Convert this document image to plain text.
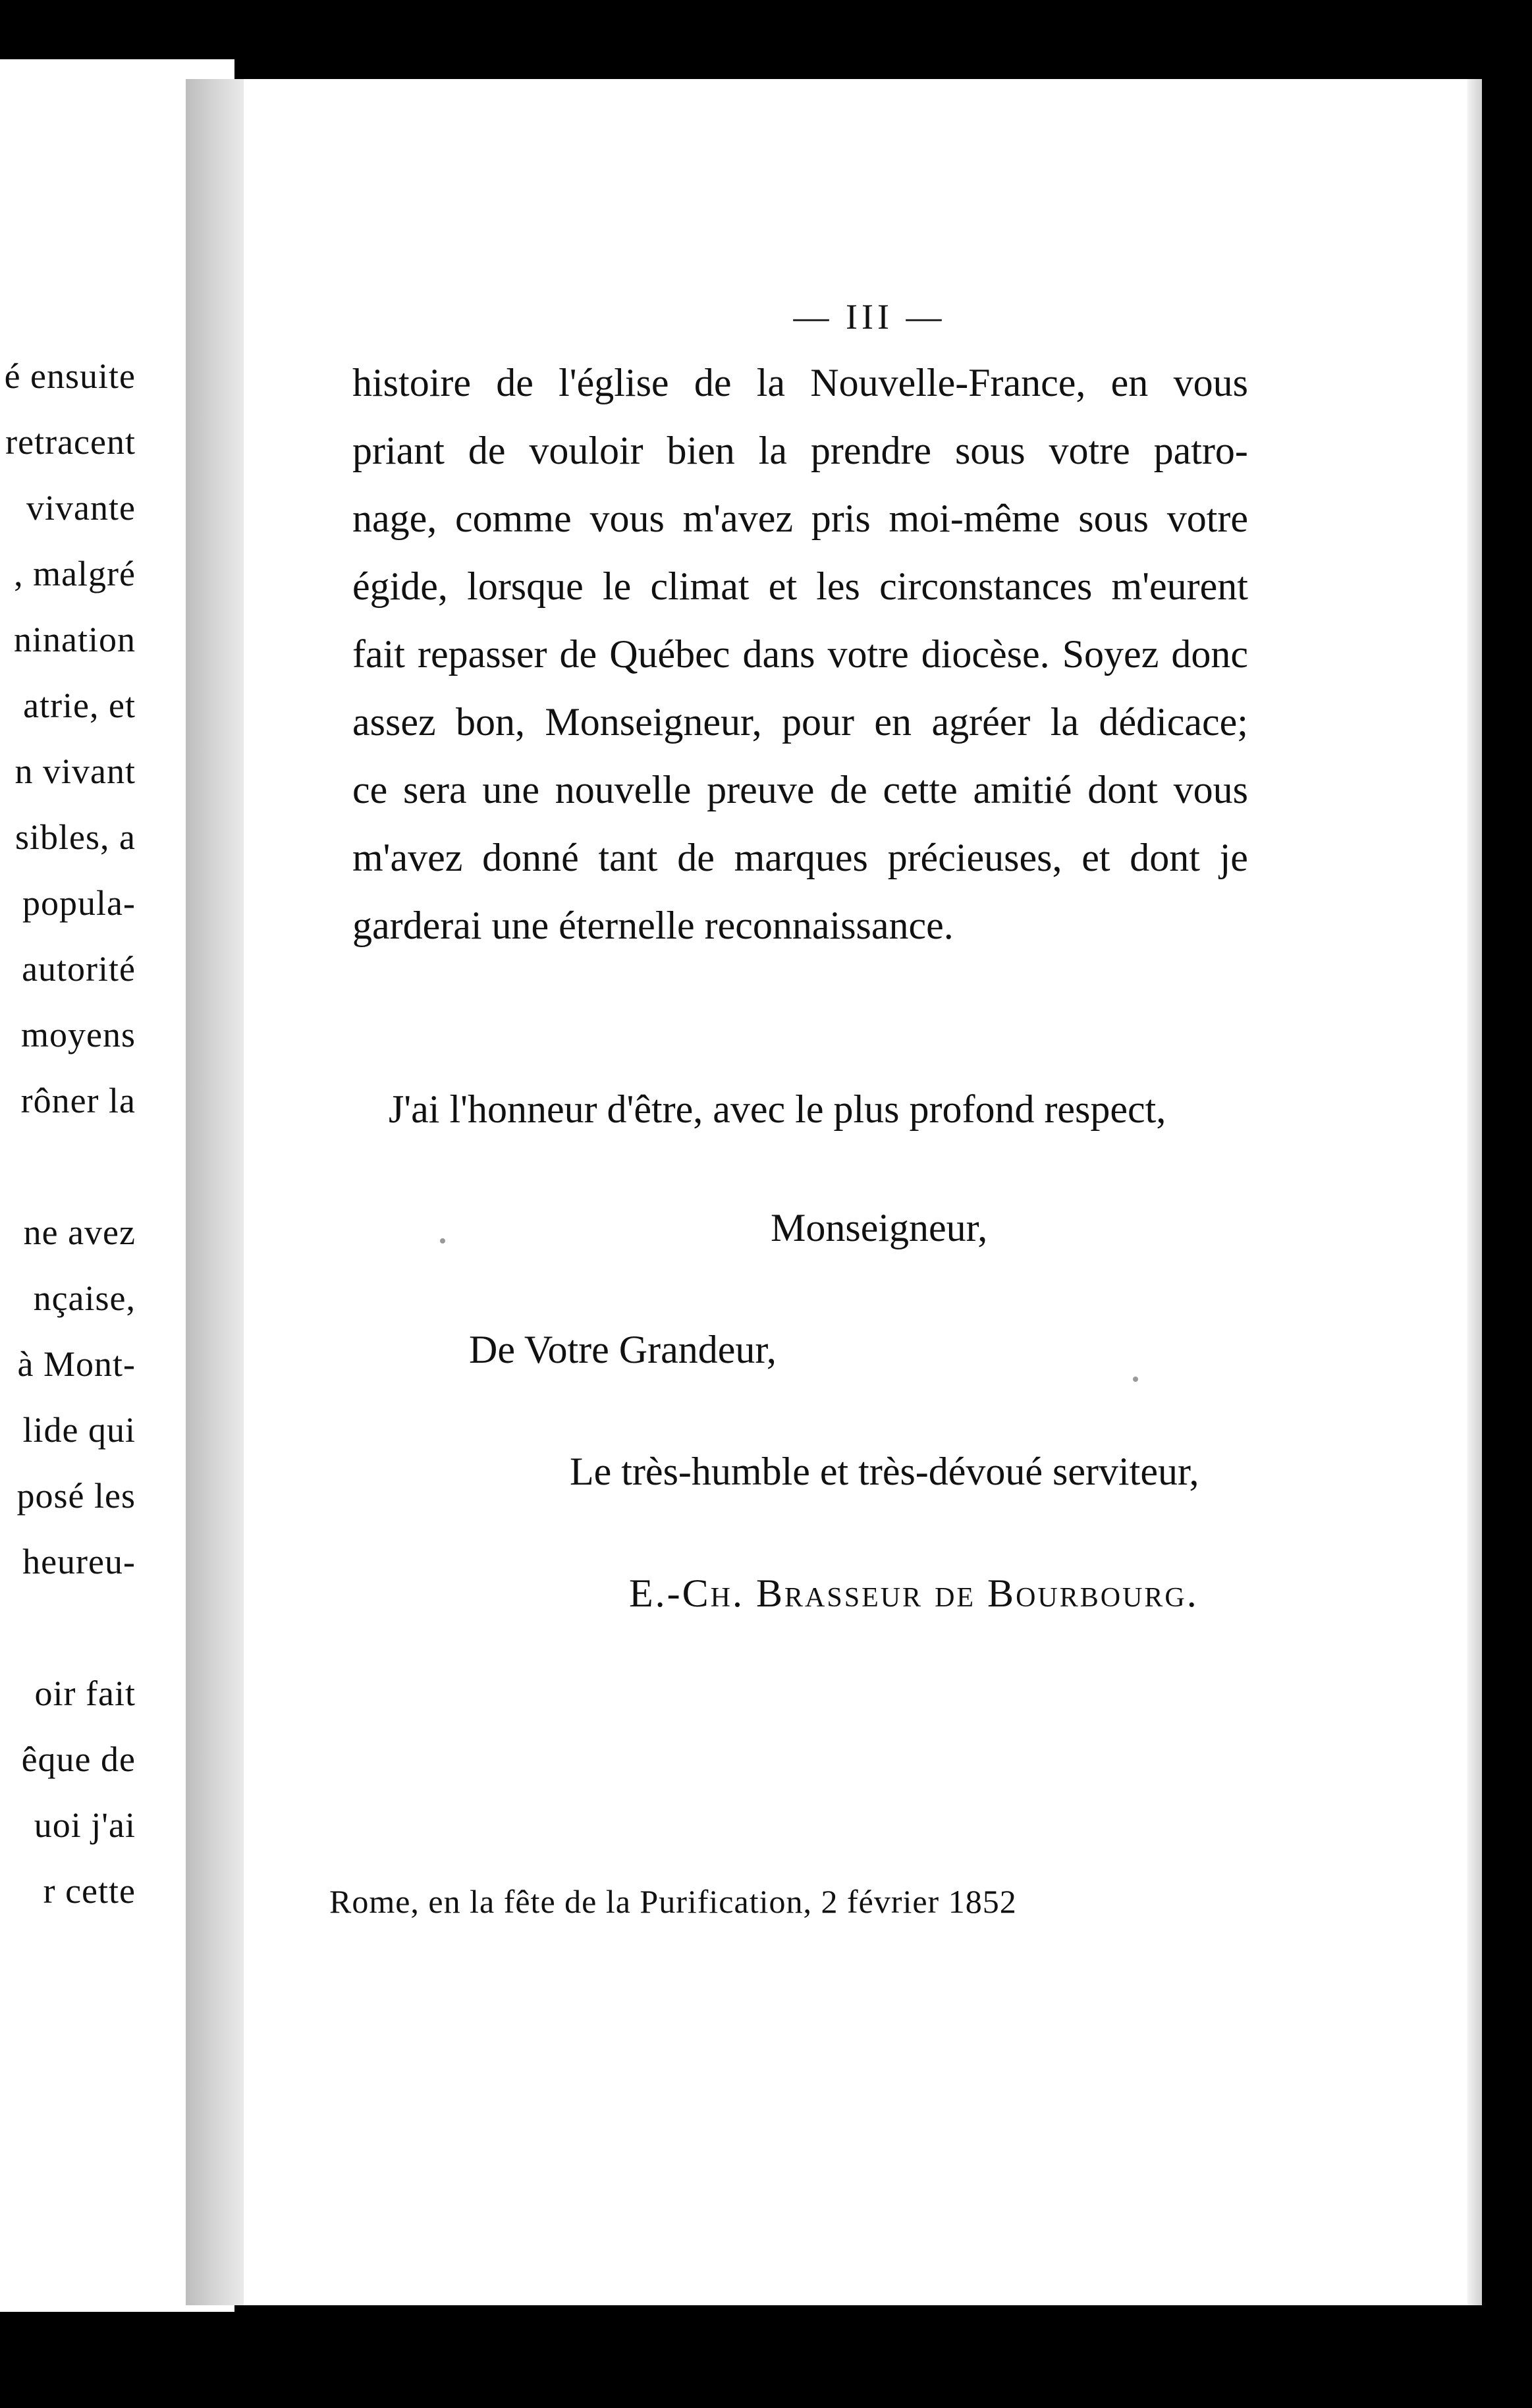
é ensuite
retracent
vivante
, malgré
nination
atrie, et
n vivant
sibles, a
popula-
autorité
moyens
rôner la
ne avez
nçaise,
à Mont-
lide qui
posé les
heureu-
oir fait
êque de
uoi j'ai
r cette
— III —
histoire de l'église de la Nouvelle-France, en vous
priant de vouloir bien la prendre sous votre patro-
nage, comme vous m'avez pris moi-même sous votre
égide, lorsque le climat et les circonstances m'eurent
fait repasser de Québec dans votre diocèse. Soyez donc
assez bon, Monseigneur, pour en agréer la dédicace;
ce sera une nouvelle preuve de cette amitié dont vous
m'avez donné tant de marques précieuses, et dont je
garderai une éternelle reconnaissance.
J'ai l'honneur d'être, avec le plus profond respect,
Monseigneur,
De Votre Grandeur,
Le très-humble et très-dévoué serviteur,
E.-Ch. Brasseur de Bourbourg.
Rome, en la fête de la Purification, 2 février 1852
